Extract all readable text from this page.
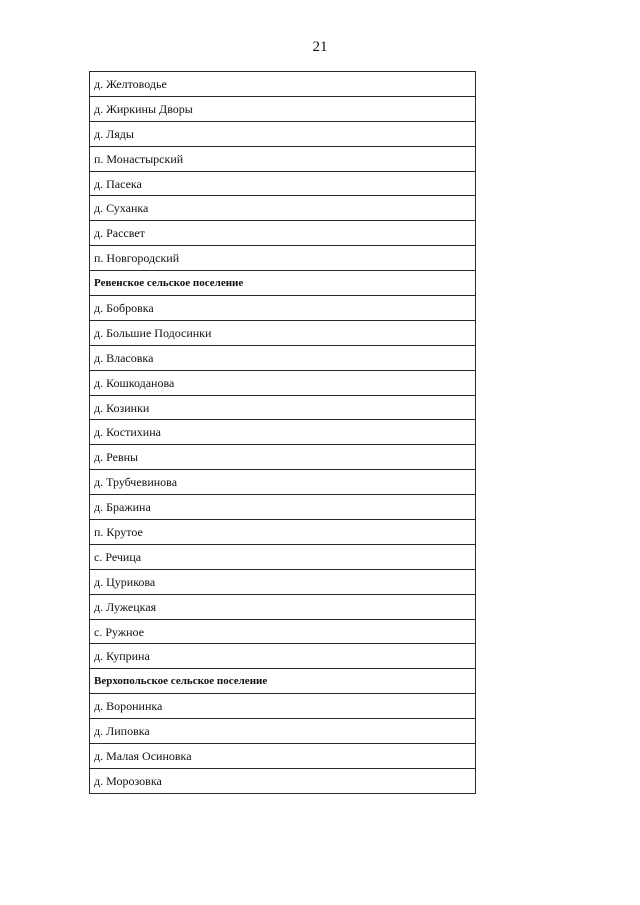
21
д. Желтоводье
д. Жиркины Дворы
д. Ляды
п. Монастырский
д. Пасека
д. Суханка
д. Рассвет
п. Новгородский
Ревенское сельское поселение
д. Бобровка
д. Большие Подосинки
д. Власовка
д. Кошкоданова
д. Козинки
д. Костихина
д. Ревны
д. Трубчевинова
д. Бражина
п. Крутое
с. Речица
д. Цурикова
д. Лужецкая
с. Ружное
д. Куприна
Верхопольское сельское поселение
д. Воронинка
д. Липовка
д. Малая Осиновка
д. Морозовка
